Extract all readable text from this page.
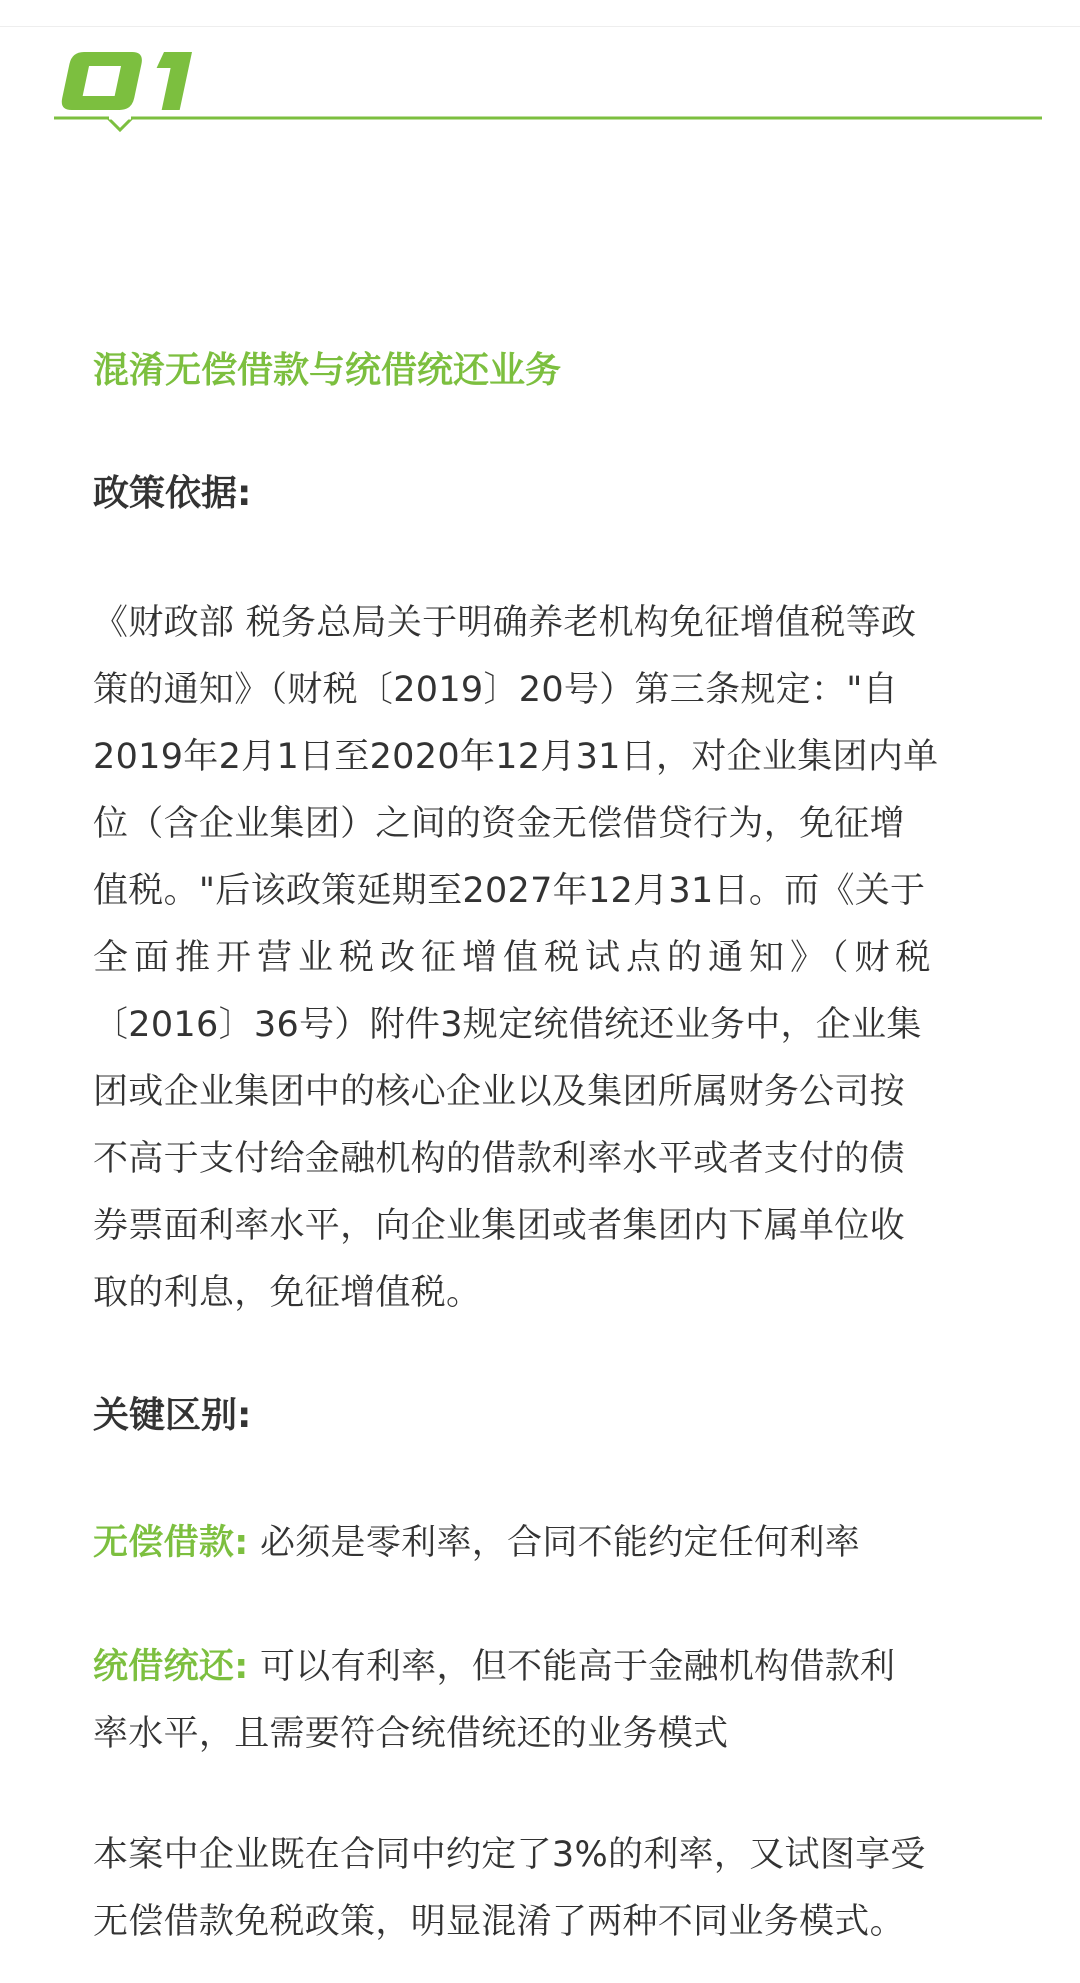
混淆无偿借款与统借统还业务
政策依据:
《财政部 税务总局关于明确养老机构免征增值税等政
策的通知》（财税〔2019〕20号）第三条规定："自
2019年2月1日至2020年12月31日，对企业集团内单
位（含企业集团）之间的资金无偿借贷行为，免征增
值税。"后该政策延期至2027年12月31日。而《关于
全面推开营业税改征增值税试点的通知》（财税
〔2016〕36号）附件3规定统借统还业务中，企业集
团或企业集团中的核心企业以及集团所属财务公司按
不高于支付给金融机构的借款利率水平或者支付的债
券票面利率水平，向企业集团或者集团内下属单位收
取的利息，免征增值税。
关键区别:
无偿借款: 必须是零利率，合同不能约定任何利率
统借统还: 可以有利率，但不能高于金融机构借款利
率水平，且需要符合统借统还的业务模式
本案中企业既在合同中约定了3%的利率，又试图享受
无偿借款免税政策，明显混淆了两种不同业务模式。
